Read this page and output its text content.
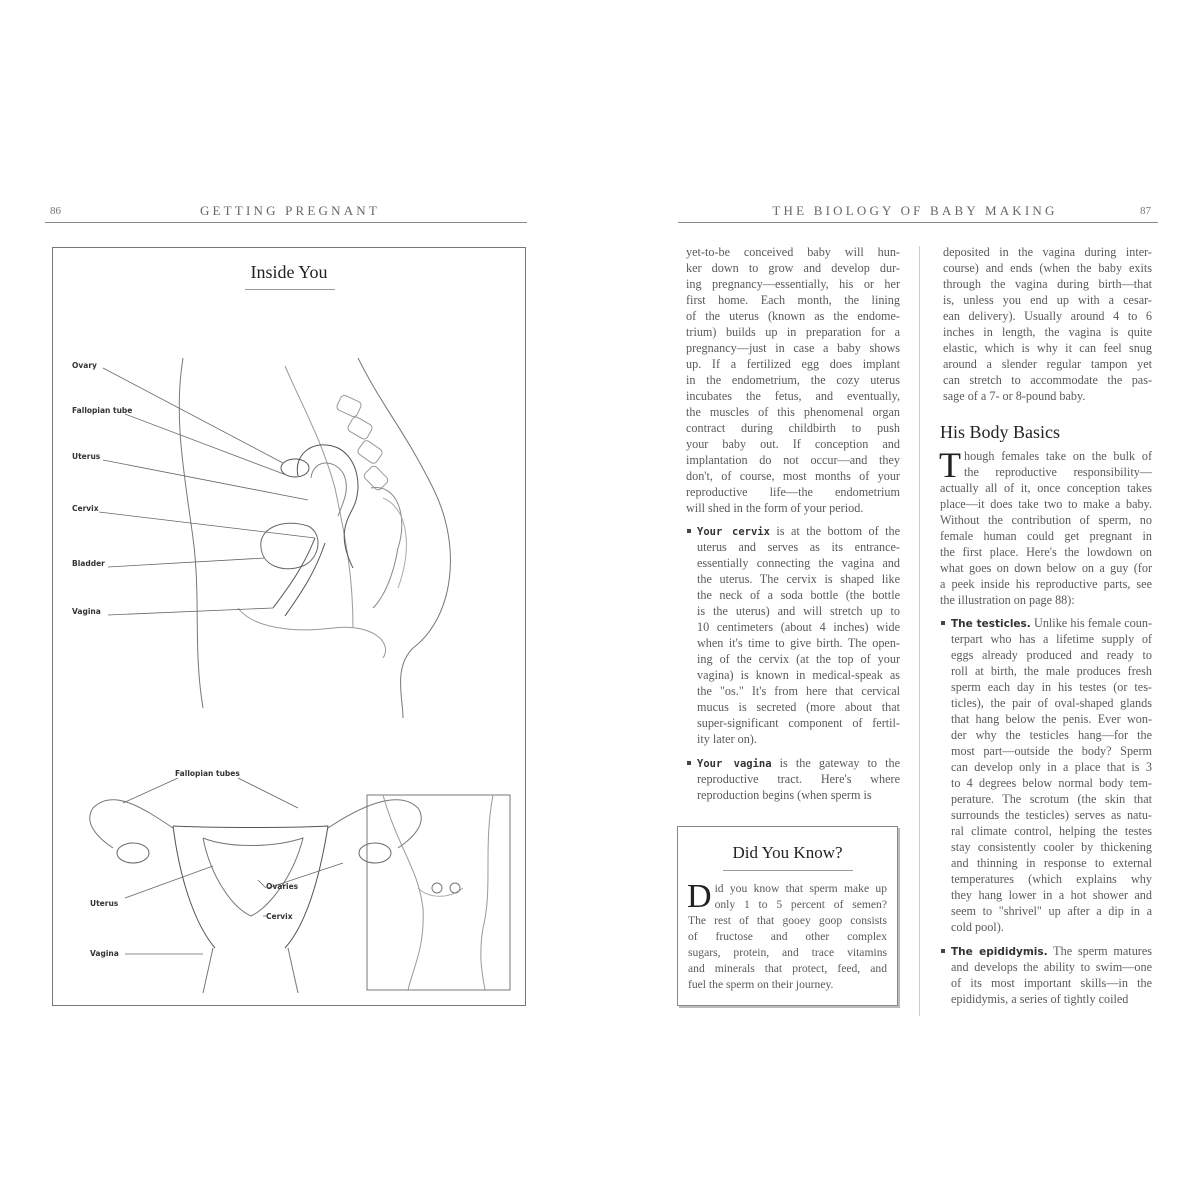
86	GETTING PREGNANT
Inside You
Ovary
Fallopian tube
Uterus
Cervix
Bladder
Vagina
Fallopian tubes
Ovaries
Uterus
Cervix
Vagina
THE BIOLOGY OF BABY MAKING	87
yet-to-be conceived baby will hun-
ker down to grow and develop dur-
ing pregnancy—essentially, his or her
first home. Each month, the lining
of the uterus (known as the endome-
trium) builds up in preparation for a
pregnancy—just in case a baby shows
up. If a fertilized egg does implant
in the endometrium, the cozy uterus
incubates the fetus, and eventually,
the muscles of this phenomenal organ
contract during childbirth to push
your baby out. If conception and
implantation do not occur—and they
don't, of course, most months of your
reproductive life—the endometrium
will shed in the form of your period.
Your cervix is at the bottom of the
uterus and serves as its entrance-
essentially connecting the vagina and
the uterus. The cervix is shaped like
the neck of a soda bottle (the bottle
is the uterus) and will stretch up to
10 centimeters (about 4 inches) wide
when it's time to give birth. The open-
ing of the cervix (at the top of your
vagina) is known in medical-speak as
the "os." It's from here that cervical
mucus is secreted (more about that
super-significant component of fertil-
ity later on).
Your vagina is the gateway to the
reproductive tract. Here's where
reproduction begins (when sperm is
Did You Know?
D id you know that sperm make up
only 1 to 5 percent of semen?
The rest of that gooey goop consists
of fructose and other complex
sugars, protein, and trace vitamins
and minerals that protect, feed, and
fuel the sperm on their journey.
deposited in the vagina during inter-
course) and ends (when the baby exits
through the vagina during birth—that
is, unless you end up with a cesar-
ean delivery). Usually around 4 to 6
inches in length, the vagina is quite
elastic, which is why it can feel snug
around a slender regular tampon yet
can stretch to accommodate the pas-
sage of a 7- or 8-pound baby.
His Body Basics
T hough females take on the bulk of
the reproductive responsibility—
actually all of it, once conception takes
place—it does take two to make a baby.
Without the contribution of sperm, no
female human could get pregnant in
the first place. Here's the lowdown on
what goes on down below on a guy (for
a peek inside his reproductive parts, see
the illustration on page 88):
The testicles. Unlike his female coun-
terpart who has a lifetime supply of
eggs already produced and ready to
roll at birth, the male produces fresh
sperm each day in his testes (or tes-
ticles), the pair of oval-shaped glands
that hang below the penis. Ever won-
der why the testicles hang—for the
most part—outside the body? Sperm
can develop only in a place that is 3
to 4 degrees below normal body tem-
perature. The scrotum (the skin that
surrounds the testicles) serves as natu-
ral climate control, helping the testes
stay consistently cooler by thickening
and thinning in response to external
temperatures (which explains why
they hang lower in a hot shower and
seem to "shrivel" up after a dip in a
cold pool).
The epididymis. The sperm matures
and develops the ability to swim—one
of its most important skills—in the
epididymis, a series of tightly coiled
